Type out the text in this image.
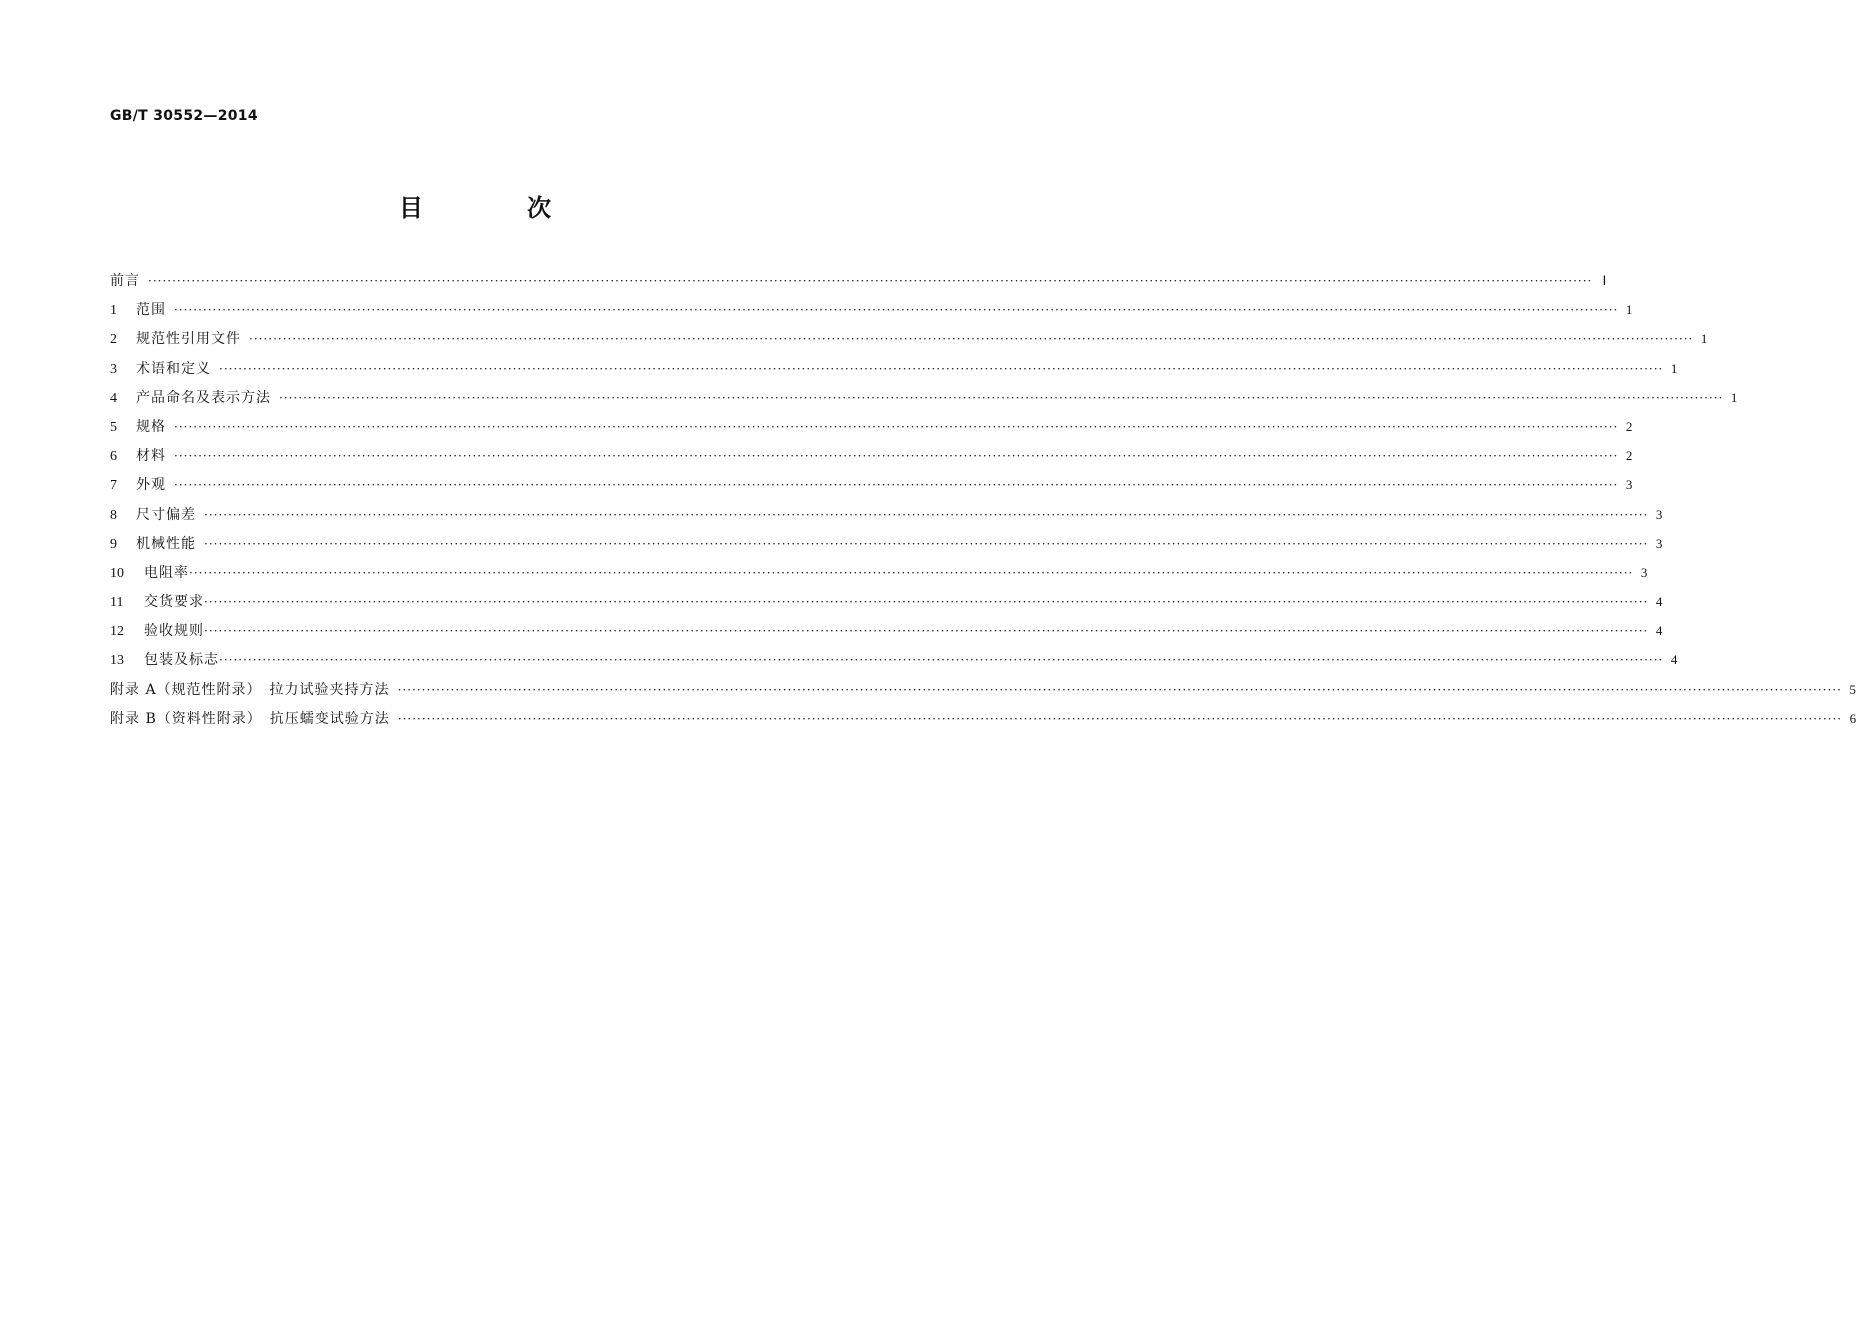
GB/T 30552—2014
目　次
前言 ············································································································································································································································································································ Ⅰ
1	范围 ············································································································································································································································································································ 1
2	规范性引用文件 ············································································································································································································································································································ 1
3	术语和定义 ············································································································································································································································································································ 1
4	产品命名及表示方法 ············································································································································································································································································································ 1
5	规格 ············································································································································································································································································································ 2
6	材料 ············································································································································································································································································································ 2
7	外观 ············································································································································································································································································································ 3
8	尺寸偏差 ············································································································································································································································································································ 3
9	机械性能 ············································································································································································································································································································ 3
10	电阻率 ············································································································································································································································································································ 3
11	交货要求 ············································································································································································································································································································ 4
12	验收规则 ············································································································································································································································································································ 4
13	包装及标志 ············································································································································································································································································································ 4
附录 A（规范性附录）　拉力试验夹持方法 ············································································································································································································································································································ 5
附录 B（资料性附录）　抗压蠕变试验方法 ············································································································································································································································································································ 6
